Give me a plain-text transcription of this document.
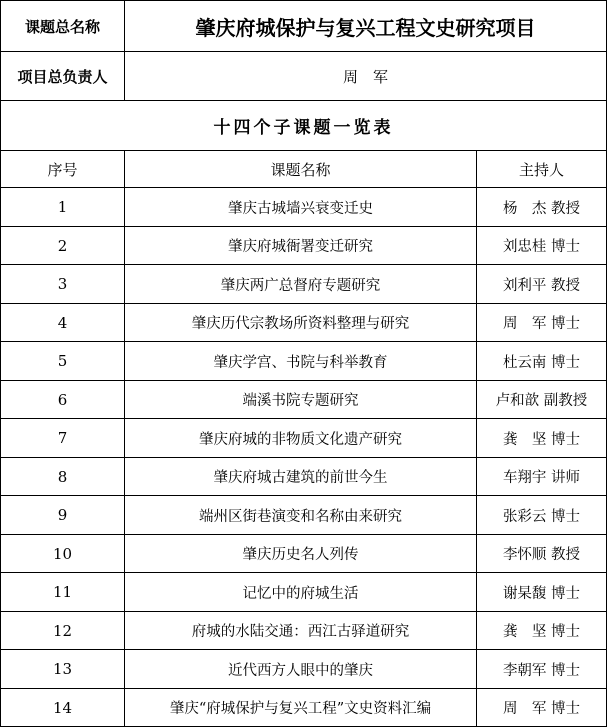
课题总名称	肇庆府城保护与复兴工程文史研究项目
项目总负责人	周　军
十四个子课题一览表
序号	课题名称	主持人
1	肇庆古城墙兴衰变迁史	杨　杰 教授
2	肇庆府城衙署变迁研究	刘忠桂 博士
3	肇庆两广总督府专题研究	刘利平 教授
4	肇庆历代宗教场所资料整理与研究	周　军 博士
5	肇庆学宫、书院与科举教育	杜云南 博士
6	端溪书院专题研究	卢和歆 副教授
7	肇庆府城的非物质文化遗产研究	龚　坚 博士
8	肇庆府城古建筑的前世今生	车翔宇 讲师
9	端州区街巷演变和名称由来研究	张彩云 博士
10	肇庆历史名人列传	李怀顺 教授
11	记忆中的府城生活	谢杲馥 博士
12	府城的水陆交通：西江古驿道研究	龚　坚 博士
13	近代西方人眼中的肇庆	李朝军 博士
14	肇庆“府城保护与复兴工程”文史资料汇编	周　军 博士
